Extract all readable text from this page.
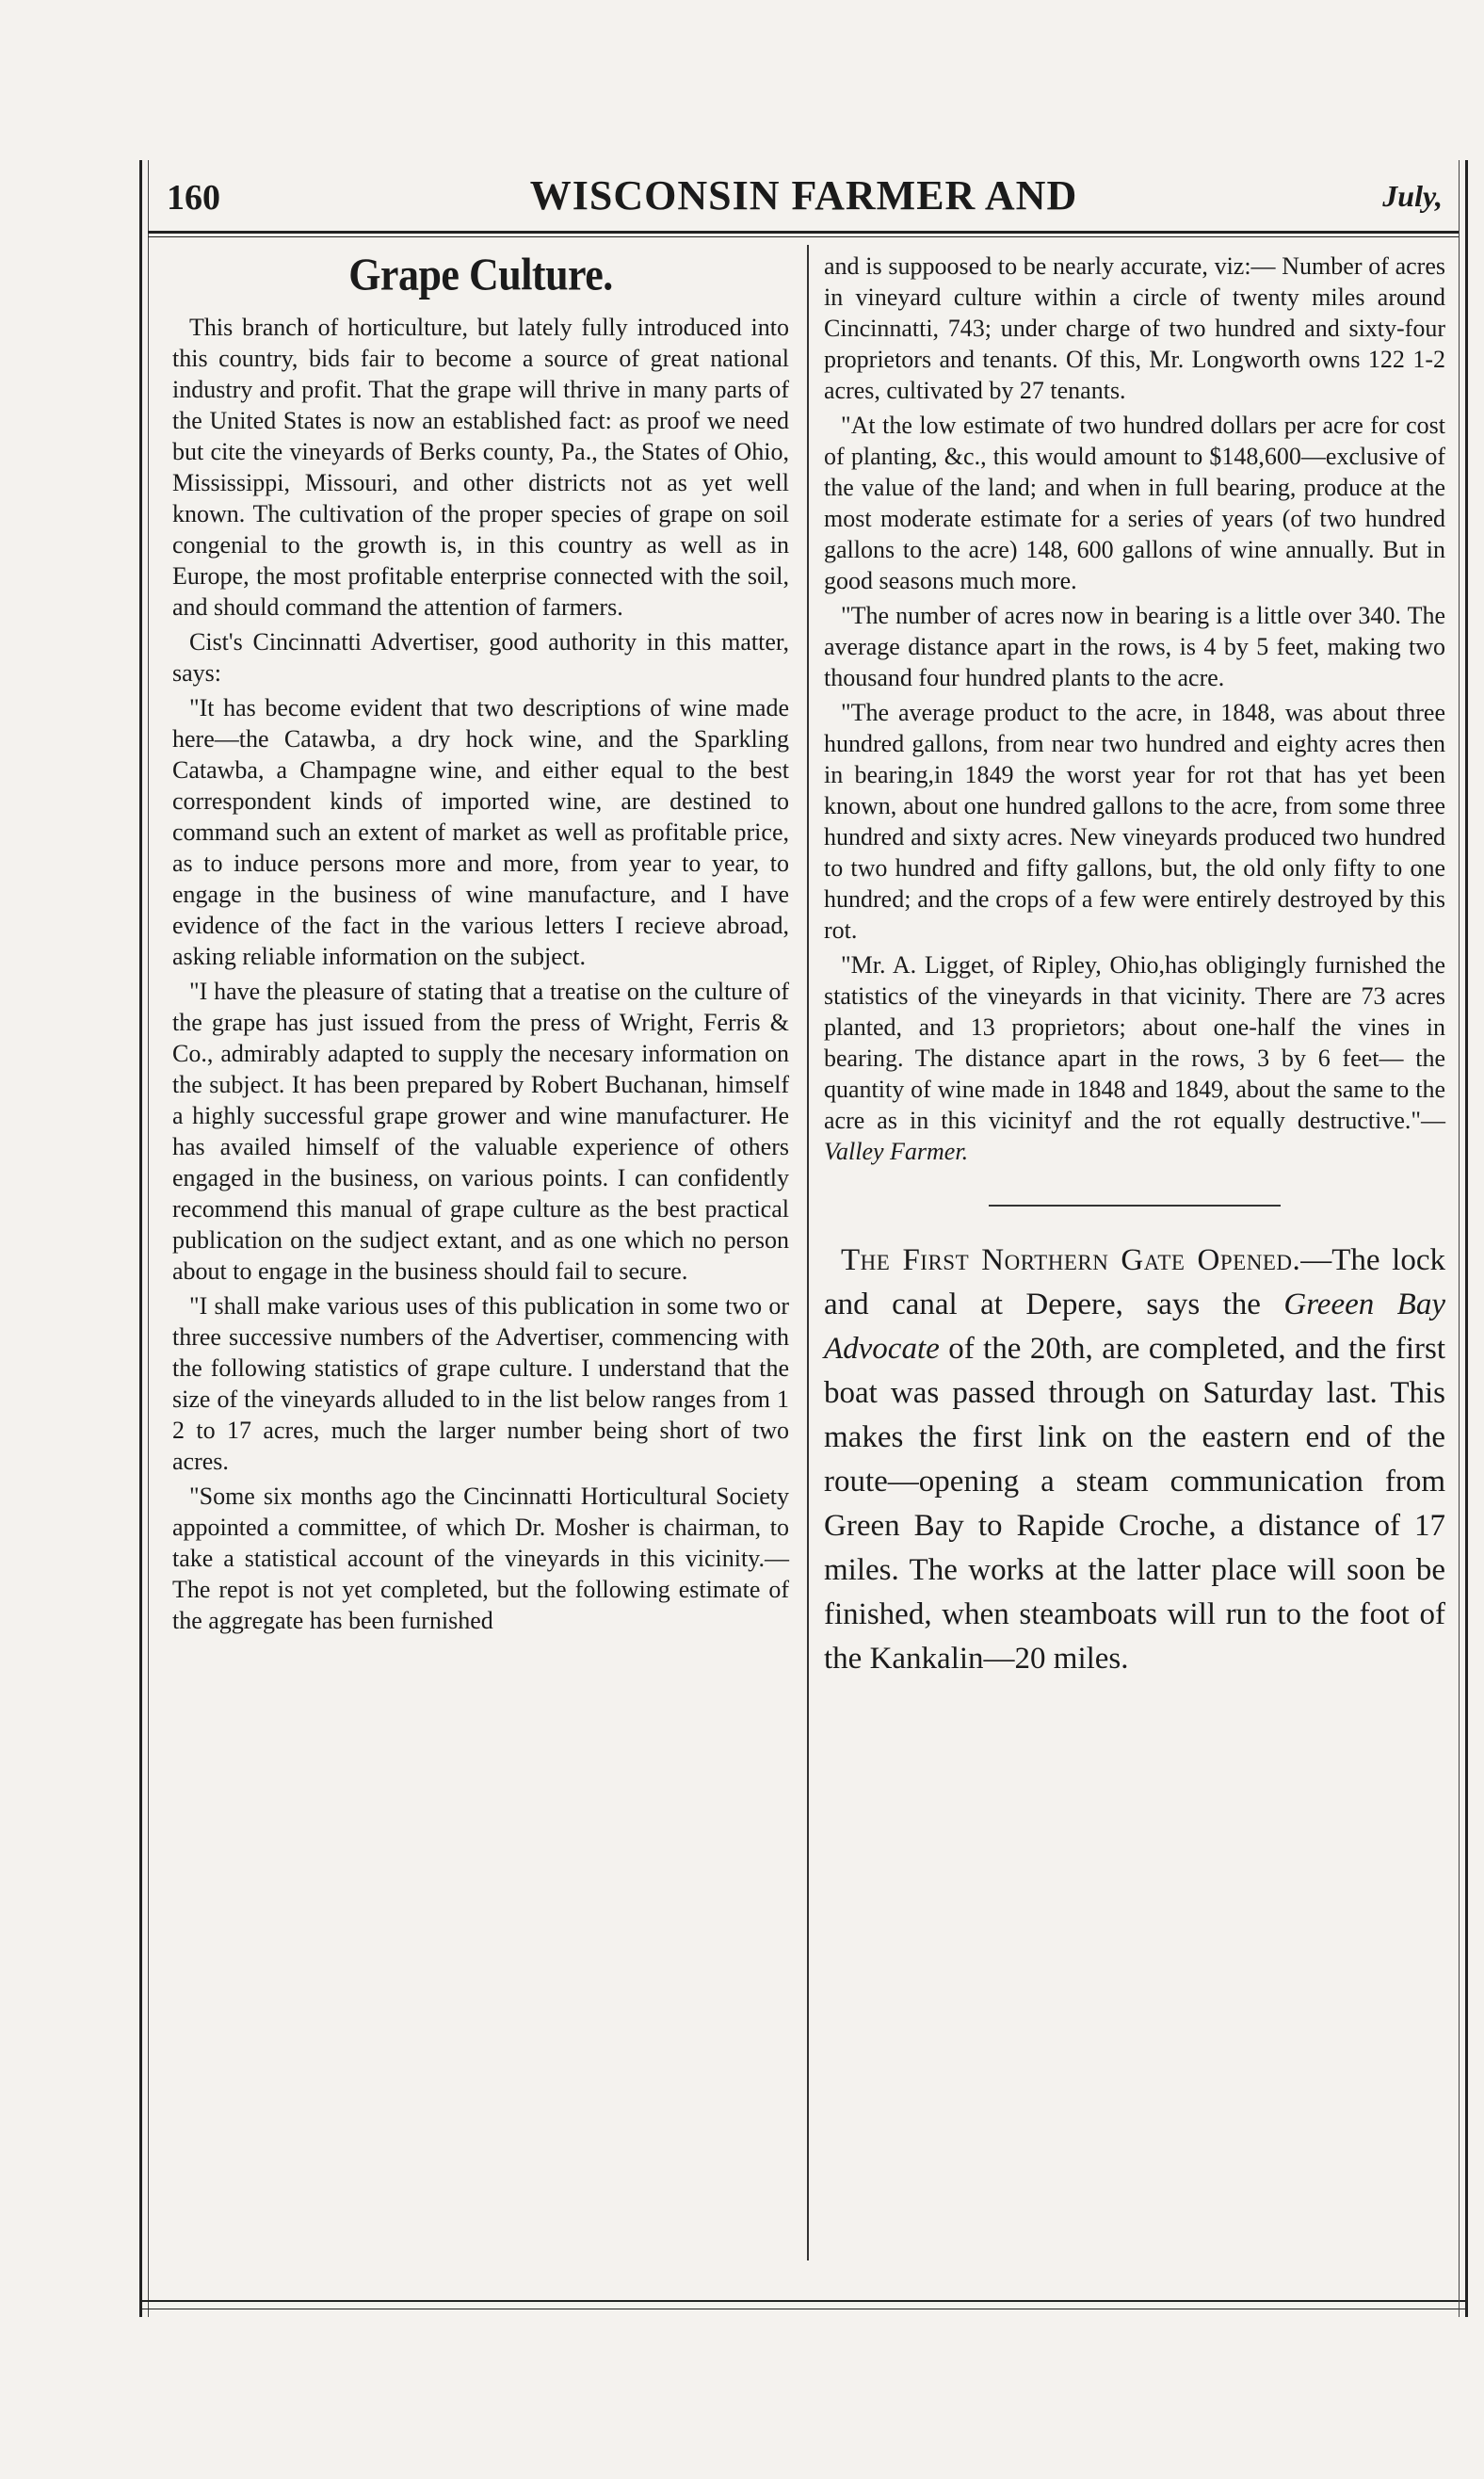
160	WISCONSIN FARMER AND	July,
Grape Culture.

This branch of horticulture, but lately fully introduced into this country, bids fair to become a source of great national industry and profit. That the grape will thrive in many parts of the United States is now an established fact: as proof we need but cite the vineyards of Berks county, Pa., the States of Ohio, Mississippi, Missouri, and other districts not as yet well known. The cultivation of the proper species of grape on soil congenial to the growth is, in this country as well as in Europe, the most profitable enterprise connected with the soil, and should command the attention of farmers.

Cist's Cincinnatti Advertiser, good authority in this matter, says:

"It has become evident that two descriptions of wine made here—the Catawba, a dry hock wine, and the Sparkling Catawba, a Champagne wine, and either equal to the best correspondent kinds of imported wine, are destined to command such an extent of market as well as profitable price, as to induce persons more and more, from year to year, to engage in the business of wine manufacture, and I have evidence of the fact in the various letters I recieve abroad, asking reliable information on the subject.

"I have the pleasure of stating that a treatise on the culture of the grape has just issued from the press of Wright, Ferris & Co., admirably adapted to supply the necesary information on the subject. It has been prepared by Robert Buchanan, himself a highly successful grape grower and wine manufacturer. He has availed himself of the valuable experience of others engaged in the business, on various points. I can confidently recommend this manual of grape culture as the best practical publication on the sudject extant, and as one which no person about to engage in the business should fail to secure.

"I shall make various uses of this publication in some two or three successive numbers of the Advertiser, commencing with the following statistics of grape culture. I understand that the size of the vineyards alluded to in the list below ranges from 1 2 to 17 acres, much the larger number being short of two acres.

"Some six months ago the Cincinnatti Horticultural Society appointed a committee, of which Dr. Mosher is chairman, to take a statistical account of the vineyards in this vicinity.— The repot is not yet completed, but the following estimate of the aggregate has been furnished

and is suppoosed to be nearly accurate, viz:— Number of acres in vineyard culture within a circle of twenty miles around Cincinnatti, 743; under charge of two hundred and sixty-four proprietors and tenants. Of this, Mr. Longworth owns 122 1-2 acres, cultivated by 27 tenants.

"At the low estimate of two hundred dollars per acre for cost of planting, &c., this would amount to $148,600—exclusive of the value of the land; and when in full bearing, produce at the most moderate estimate for a series of years (of two hundred gallons to the acre) 148, 600 gallons of wine annually. But in good seasons much more.

"The number of acres now in bearing is a little over 340. The average distance apart in the rows, is 4 by 5 feet, making two thousand four hundred plants to the acre.

"The average product to the acre, in 1848, was about three hundred gallons, from near two hundred and eighty acres then in bearing,in 1849 the worst year for rot that has yet been known, about one hundred gallons to the acre, from some three hundred and sixty acres. New vineyards produced two hundred to two hundred and fifty gallons, but, the old only fifty to one hundred; and the crops of a few were entirely destroyed by this rot.

"Mr. A. Ligget, of Ripley, Ohio,has obligingly furnished the statistics of the vineyards in that vicinity. There are 73 acres planted, and 13 proprietors; about one-half the vines in bearing. The distance apart in the rows, 3 by 6 feet— the quantity of wine made in 1848 and 1849, about the same to the acre as in this vicinityf and the rot equally destructive."—Valley Farmer.

The First Northern Gate Opened.—The lock and canal at Depere, says the Greeen Bay Advocate of the 20th, are completed, and the first boat was passed through on Saturday last. This makes the first link on the eastern end of the route—opening a steam communication from Green Bay to Rapide Croche, a distance of 17 miles. The works at the latter place will soon be finished, when steamboats will run to the foot of the Kankalin—20 miles.
